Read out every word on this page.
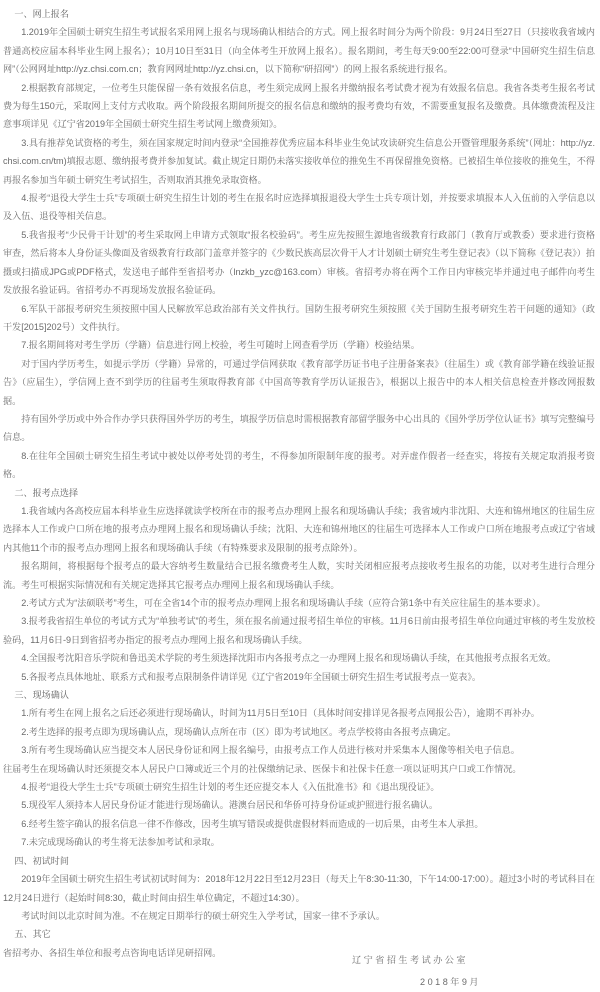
一、网上报名

1.2019年全国硕士研究生招生考试报名采用网上报名与现场确认相结合的方式。网上报名时间分为两个阶段：9月24日至27日（只接收我省域内普通高校应届本科毕业生网上报名）；10月10日至31日（向全体考生开放网上报名）。报名期间，考生每天9:00至22:00可登录“中国研究生招生信息网”（公网网址http://yz.chsi.com.cn；教育网网址http://yz.chsi.cn，以下简称“研招网”）的网上报名系统进行报名。

2.根据教育部规定，一位考生只能保留一条有效报名信息，考生须完成网上报名并缴纳报名考试费才视为有效报名信息。我省各类考生报名考试费为每生150元，采取网上支付方式收取。两个阶段报名期间所提交的报名信息和缴纳的报考费均有效，不需要重复报名及缴费。具体缴费流程及注意事项详见《辽宁省2019年全国硕士研究生招生考试网上缴费须知》。

3.具有推荐免试资格的考生，须在国家规定时间内登录“全国推荐优秀应届本科毕业生免试攻读研究生信息公开暨管理服务系统”（网址：http://yz.chsi.com.cn/tm)填报志愿、缴纳报考费并参加复试。截止规定日期仍未落实接收单位的推免生不再保留推免资格。已被招生单位接收的推免生，不得再报名参加当年硕士研究生考试招生，否则取消其推免录取资格。

4.报考“退役大学生士兵”专项硕士研究生招生计划的考生在报名时应选择填报退役大学生士兵专项计划，并按要求填报本人入伍前的入学信息以及入伍、退役等相关信息。

5.我省报考“少民骨干计划”的考生采取网上申请方式领取“报名校验码”。考生应先按照生源地省级教育行政部门（教育厅或教委）要求进行资格审查，然后将本人身份证头像面及省级教育行政部门盖章并签字的《少数民族高层次骨干人才计划硕士研究生考生登记表》（以下简称《登记表》）拍摄或扫描成JPG或PDF格式，发送电子邮件至省招考办（lnzkb_yzc@163.com）审核。省招考办将在两个工作日内审核完毕并通过电子邮件向考生发放报名验证码。省招考办不再现场发放报名验证码。

6.军队干部报考研究生须按照中国人民解放军总政治部有关文件执行。国防生报考研究生须按照《关于国防生报考研究生若干问题的通知》（政干发[2015]202号）文件执行。

7.报名期间将对考生学历（学籍）信息进行网上校验，考生可随时上网查看学历（学籍）校验结果。

对于国内学历考生，如提示学历（学籍）异常的，可通过学信网获取《教育部学历证书电子注册备案表》（往届生）或《教育部学籍在线验证报告》（应届生），学信网上查不到学历的往届考生须取得教育部《中国高等教育学历认证报告》，根据以上报告中的本人相关信息检查并修改网报数据。

持有国外学历或中外合作办学只获得国外学历的考生，填报学历信息时需根据教育部留学服务中心出具的《国外学历学位认证书》填写完整编号信息。

8.在往年全国硕士研究生招生考试中被处以停考处罚的考生，不得参加所限制年度的报考。对弄虚作假者一经查实，将按有关规定取消报考资格。

二、报考点选择

1.我省域内各高校应届本科毕业生应选择就读学校所在市的报考点办理网上报名和现场确认手续；我省域内非沈阳、大连和锦州地区的往届生应选择本人工作或户口所在地的报考点办理网上报名和现场确认手续；沈阳、大连和锦州地区的往届生可选择本人工作或户口所在地报考点或辽宁省域内其他11个市的报考点办理网上报名和现场确认手续（有特殊要求及限制的报考点除外）。

报名期间，将根据每个报考点的最大容纳考生数量结合已报名缴费考生人数，实时关闭相应报考点接收考生报名的功能，以对考生进行合理分流。考生可根据实际情况和有关规定选择其它报考点办理网上报名和现场确认手续。

2.考试方式为“法硕联考”考生，可在全省14个市的报考点办理网上报名和现场确认手续（应符合第1条中有关应往届生的基本要求）。

3.报考我省招生单位的考试方式为“单独考试”的考生，须在报名前通过报考招生单位的审核。11月6日前由报考招生单位向通过审核的考生发放校验码，11月6日-9日到省招考办指定的报考点办理网上报名和现场确认手续。

4.全国报考沈阳音乐学院和鲁迅美术学院的考生须选择沈阳市内各报考点之一办理网上报名和现场确认手续，在其他报考点报名无效。

5.各报考点具体地址、联系方式和报考点限制条件请详见《辽宁省2019年全国硕士研究生招生考试报考点一览表》。

三、现场确认

1.所有考生在网上报名之后还必须进行现场确认，时间为11月5日至10日（具体时间安排详见各报考点网报公告），逾期不再补办。

2.考生选择的报考点即为现场确认点，现场确认点所在市（区）即为考试地区。考点学校将由各报考点确定。

3.所有考生现场确认应当提交本人居民身份证和网上报名编号，由报考点工作人员进行核对并采集本人图像等相关电子信息。

往届考生在现场确认时还须提交本人居民户口簿或近三个月的社保缴纳记录、医保卡和社保卡任意一项以证明其户口或工作情况。

4.报考“退役大学生士兵”专项硕士研究生招生计划的考生还应提交本人《入伍批准书》和《退出现役证》。

5.现役军人须持本人居民身份证才能进行现场确认。港澳台居民和华侨可持身份证或护照进行报名确认。

6.经考生签字确认的报名信息一律不作修改，因考生填写错误或提供虚假材料而造成的一切后果，由考生本人承担。

7.未完成现场确认的考生将无法参加考试和录取。

四、初试时间

2019年全国硕士研究生招生考试初试时间为：2018年12月22日至12月23日（每天上午8:30-11:30，下午14:00-17:00）。超过3小时的考试科目在12月24日进行（起始时间8:30，截止时间由招生单位确定，不超过14:30）。

考试时间以北京时间为准。不在规定日期举行的硕士研究生入学考试，国家一律不予承认。

五、其它

省招考办、各招生单位和报考点咨询电话详见研招网。

辽宁省招生考试办公室
2018年9月
